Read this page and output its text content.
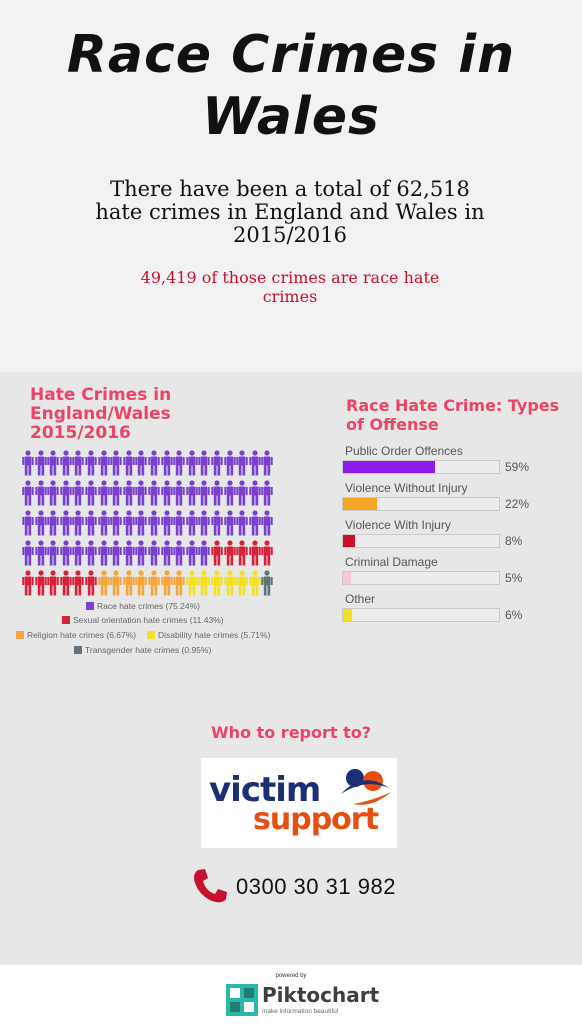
Race Crimes in Wales
There have been a total of 62,518 hate crimes in England and Wales in 2015/2016
49,419 of those crimes are race hate crimes
Hate Crimes in England/Wales 2015/2016
Race hate crimes (75.24%)
Sexual orientation hate crimes (11.43%)
Religion hate crimes (6.67%)	Disability hate crimes (5.71%)
Transgender hate crimes (0.95%)
Race Hate Crime: Types of Offense
Public Order Offences
59%
Violence Without Injury
22%
Violence With Injury
8%
Criminal Damage
5%
Other
6%
Who to report to?
victim
support
0300 30 31 982
powered by
Piktochart
make information beautiful
